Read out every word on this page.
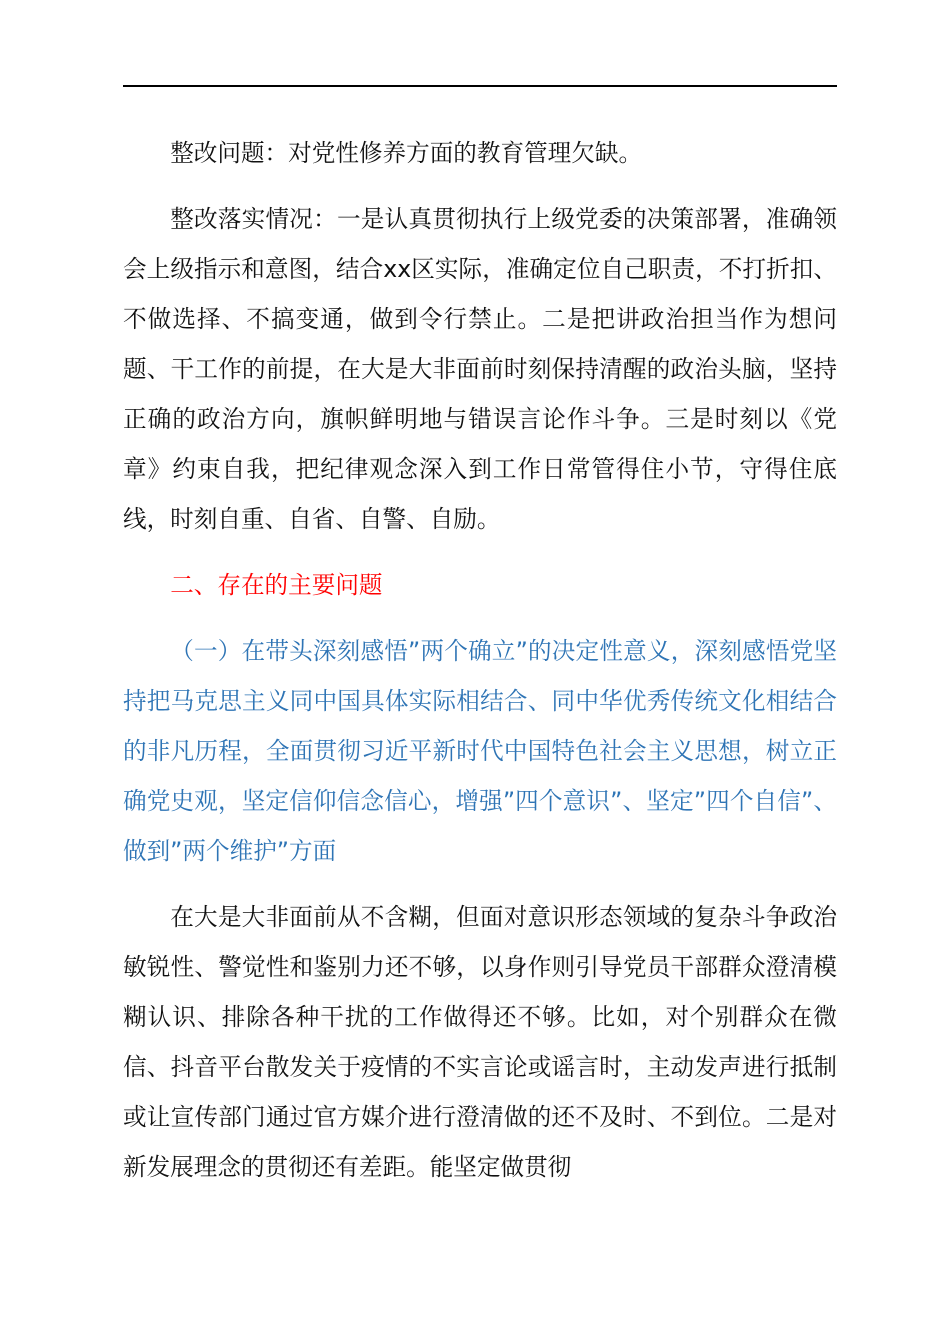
整改问题：对党性修养方面的教育管理欠缺。

整改落实情况：一是认真贯彻执行上级党委的决策部署，准确领会上级指示和意图，结合xx区实际，准确定位自己职责，不打折扣、不做选择、不搞变通，做到令行禁止。二是把讲政治担当作为想问题、干工作的前提，在大是大非面前时刻保持清醒的政治头脑，坚持正确的政治方向，旗帜鲜明地与错误言论作斗争。三是时刻以《党章》约束自我，把纪律观念深入到工作日常管得住小节，守得住底线，时刻自重、自省、自警、自励。

二、存在的主要问题

（一）在带头深刻感悟”两个确立”的决定性意义，深刻感悟党坚持把马克思主义同中国具体实际相结合、同中华优秀传统文化相结合的非凡历程，全面贯彻习近平新时代中国特色社会主义思想，树立正确党史观，坚定信仰信念信心，增强”四个意识”、坚定”四个自信”、做到”两个维护”方面

在大是大非面前从不含糊，但面对意识形态领域的复杂斗争政治敏锐性、警觉性和鉴别力还不够，以身作则引导党员干部群众澄清模糊认识、排除各种干扰的工作做得还不够。比如，对个别群众在微信、抖音平台散发关于疫情的不实言论或谣言时，主动发声进行抵制或让宣传部门通过官方媒介进行澄清做的还不及时、不到位。二是对新发展理念的贯彻还有差距。能坚定做贯彻
